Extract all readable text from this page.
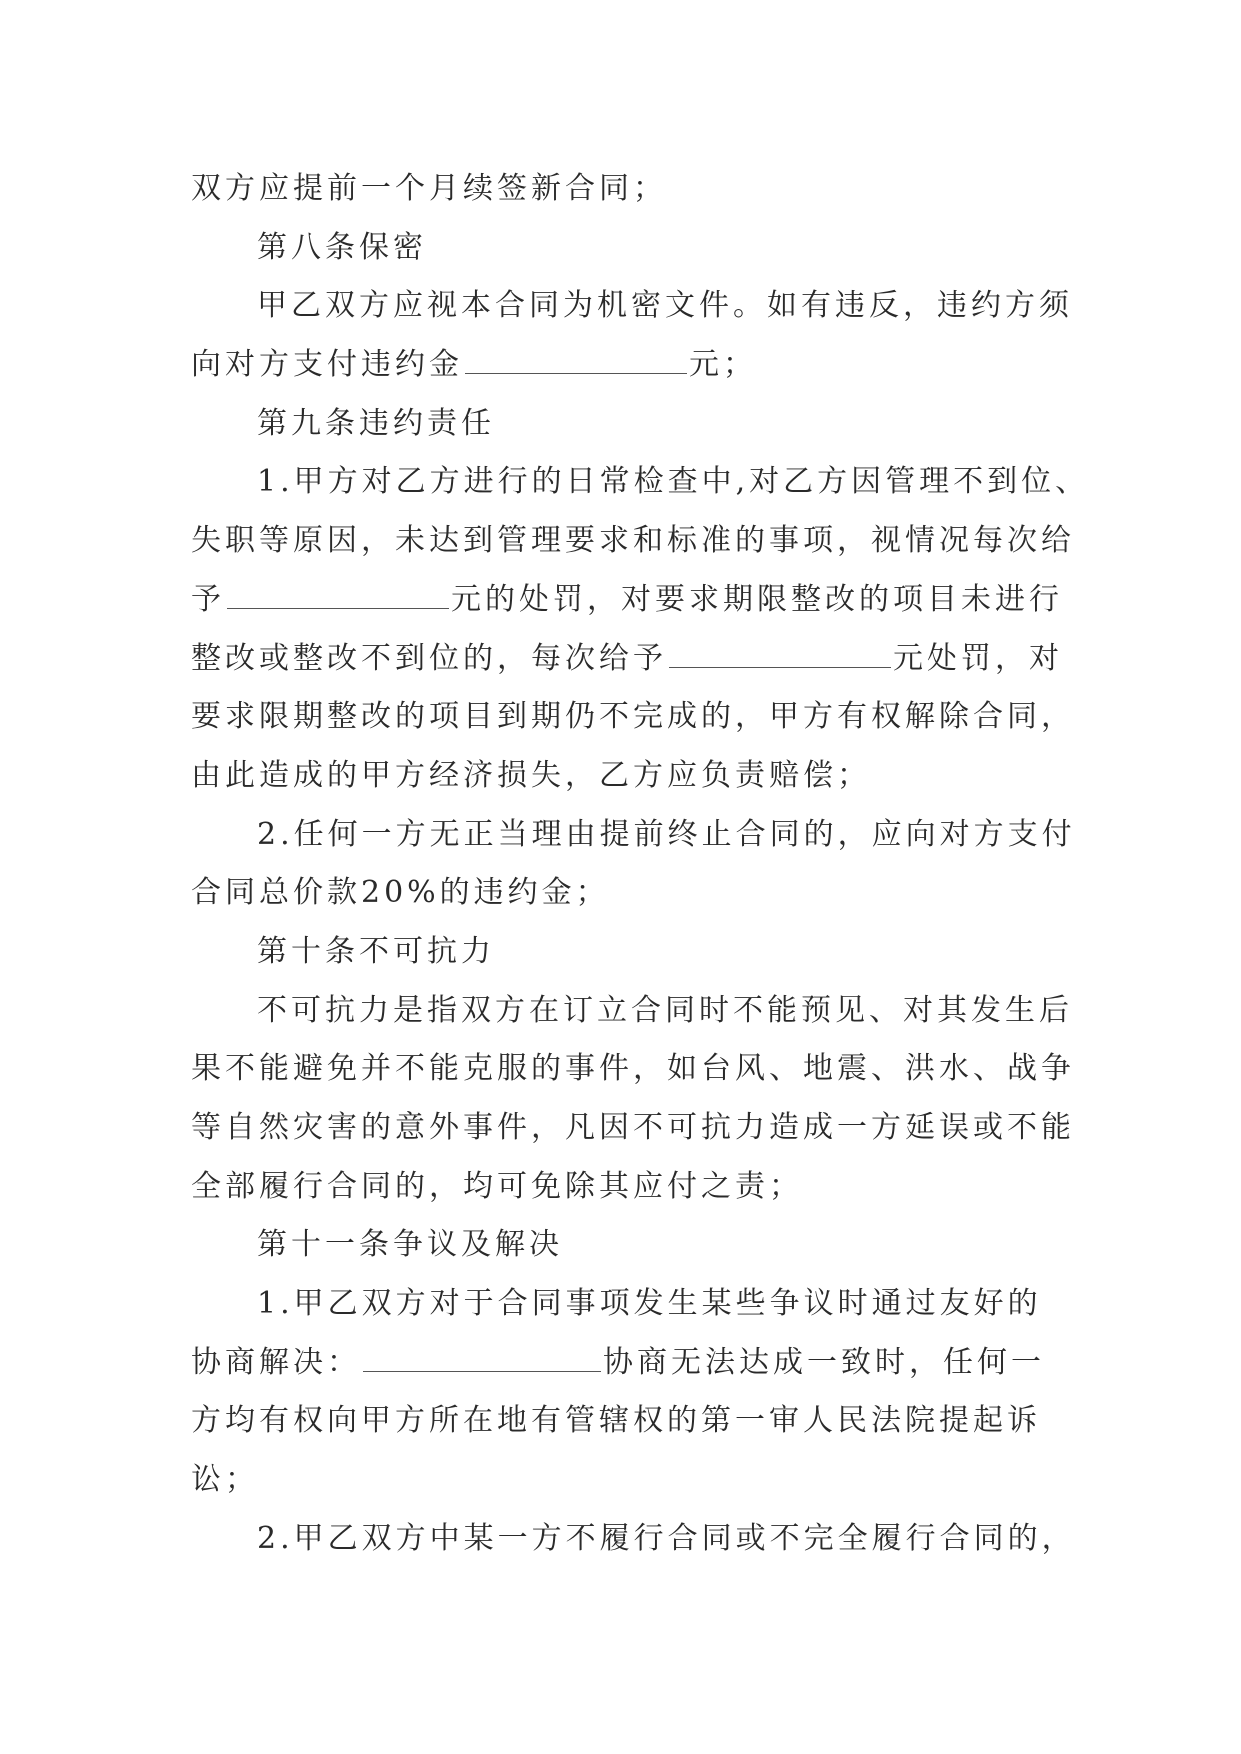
双方应提前一个月续签新合同；
第八条保密
甲乙双方应视本合同为机密文件。如有违反，违约方须
向对方支付违约金	元；
第九条违约责任
1.甲方对乙方进行的日常检查中,对乙方因管理不到位、
失职等原因，未达到管理要求和标准的事项，视情况每次给
予	元的处罚，对要求期限整改的项目未进行
整改或整改不到位的，每次给予	元处罚，对
要求限期整改的项目到期仍不完成的，甲方有权解除合同，
由此造成的甲方经济损失，乙方应负责赔偿；
2.任何一方无正当理由提前终止合同的，应向对方支付
合同总价款20%的违约金；
第十条不可抗力
不可抗力是指双方在订立合同时不能预见、对其发生后
果不能避免并不能克服的事件，如台风、地震、洪水、战争
等自然灾害的意外事件，凡因不可抗力造成一方延误或不能
全部履行合同的，均可免除其应付之责；
第十一条争议及解决
1.甲乙双方对于合同事项发生某些争议时通过友好的
协商解决：	协商无法达成一致时，任何一
方均有权向甲方所在地有管辖权的第一审人民法院提起诉
讼；
2.甲乙双方中某一方不履行合同或不完全履行合同的，
